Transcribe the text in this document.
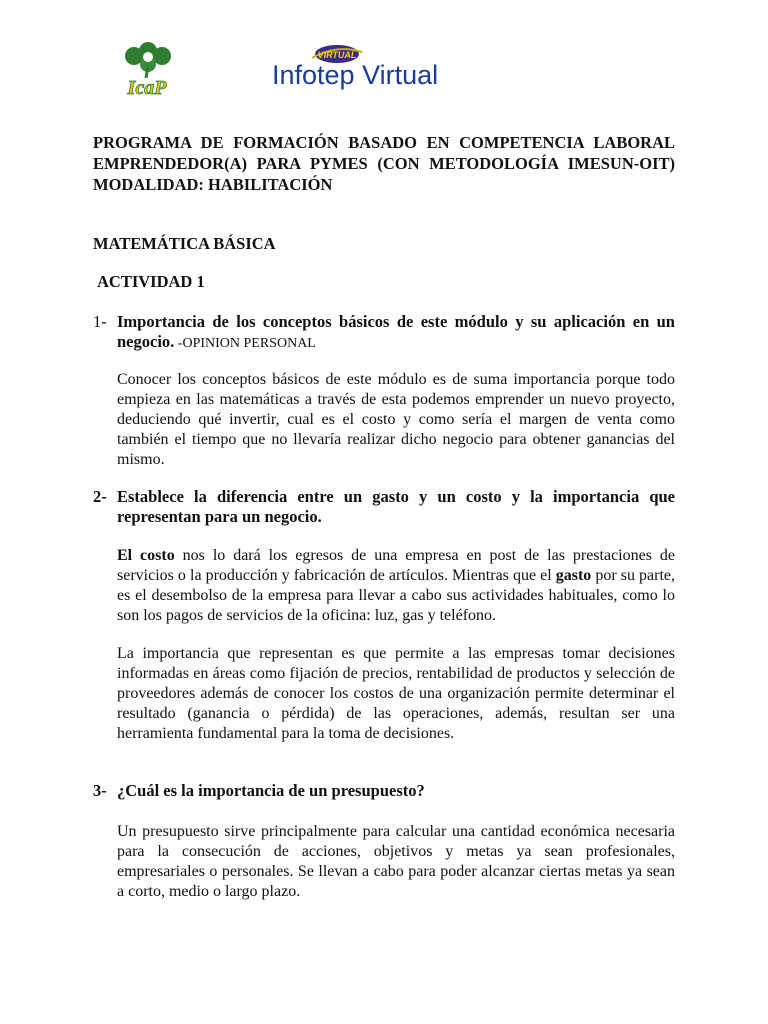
IcaP
VIRTUAL
Infotep Virtual

PROGRAMA DE FORMACIÓN BASADO EN COMPETENCIA LABORAL EMPRENDEDOR(A) PARA PYMES (CON METODOLOGÍA IMESUN-OIT) MODALIDAD: HABILITACIÓN

MATEMÁTICA BÁSICA

ACTIVIDAD 1

1- Importancia de los conceptos básicos de este módulo y su aplicación en un negocio. -OPINION PERSONAL

Conocer los conceptos básicos de este módulo es de suma importancia porque todo empieza en las matemáticas a través de esta podemos emprender un nuevo proyecto, deduciendo qué invertir, cual es el costo y como sería el margen de venta como también el tiempo que no llevaría realizar dicho negocio para obtener ganancias del mismo.

2- Establece la diferencia entre un gasto y un costo y la importancia que representan para un negocio.

El costo nos lo dará los egresos de una empresa en post de las prestaciones de servicios o la producción y fabricación de artículos. Mientras que el gasto por su parte, es el desembolso de la empresa para llevar a cabo sus actividades habituales, como lo son los pagos de servicios de la oficina: luz, gas y teléfono.

La importancia que representan es que permite a las empresas tomar decisiones informadas en áreas como fijación de precios, rentabilidad de productos y selección de proveedores además de conocer los costos de una organización permite determinar el resultado (ganancia o pérdida) de las operaciones, además, resultan ser una herramienta fundamental para la toma de decisiones.

3- ¿Cuál es la importancia de un presupuesto?

Un presupuesto sirve principalmente para calcular una cantidad económica necesaria para la consecución de acciones, objetivos y metas ya sean profesionales, empresariales o personales. Se llevan a cabo para poder alcanzar ciertas metas ya sean a corto, medio o largo plazo.
